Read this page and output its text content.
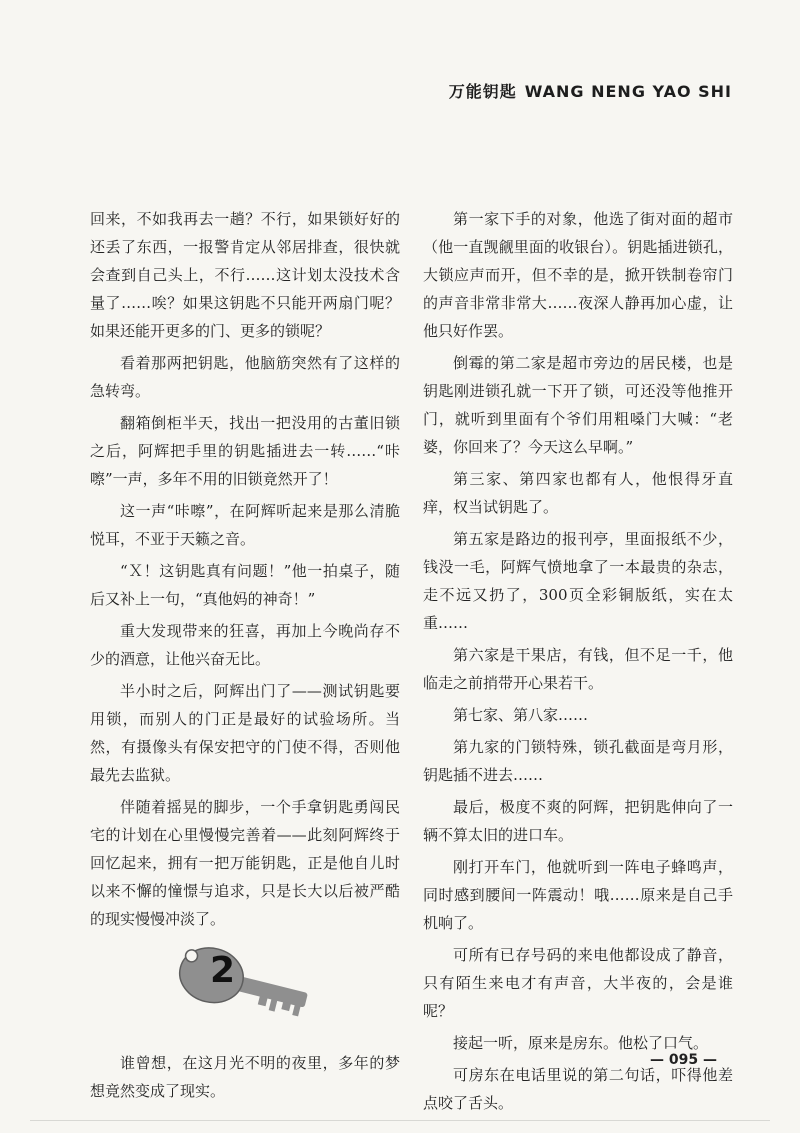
万能钥匙 WANG NENG YAO SHI

回来，不如我再去一趟？不行，如果锁好好的还丢了东西，一报警肯定从邻居排查，很快就会查到自己头上，不行……这计划太没技术含量了……唉？如果这钥匙不只能开两扇门呢？如果还能开更多的门、更多的锁呢？

看着那两把钥匙，他脑筋突然有了这样的急转弯。

翻箱倒柜半天，找出一把没用的古董旧锁之后，阿辉把手里的钥匙插进去一转……“咔嚓”一声，多年不用的旧锁竟然开了！

这一声“咔嚓”，在阿辉听起来是那么清脆悦耳，不亚于天籁之音。

“Ｘ！这钥匙真有问题！”他一拍桌子，随后又补上一句，“真他妈的神奇！”

重大发现带来的狂喜，再加上今晚尚存不少的酒意，让他兴奋无比。

半小时之后，阿辉出门了——测试钥匙要用锁，而别人的门正是最好的试验场所。当然，有摄像头有保安把守的门使不得，否则他最先去监狱。

伴随着摇晃的脚步，一个手拿钥匙勇闯民宅的计划在心里慢慢完善着——此刻阿辉终于回忆起来，拥有一把万能钥匙，正是他自儿时以来不懈的憧憬与追求，只是长大以后被严酷的现实慢慢冲淡了。

2

谁曾想，在这月光不明的夜里，多年的梦想竟然变成了现实。

第一家下手的对象，他选了街对面的超市（他一直觊觎里面的收银台）。钥匙插进锁孔，大锁应声而开，但不幸的是，掀开铁制卷帘门的声音非常非常大……夜深人静再加心虚，让他只好作罢。

倒霉的第二家是超市旁边的居民楼，也是钥匙刚进锁孔就一下开了锁，可还没等他推开门，就听到里面有个爷们用粗嗓门大喊：“老婆，你回来了？今天这么早啊。”

第三家、第四家也都有人，他恨得牙直痒，权当试钥匙了。

第五家是路边的报刊亭，里面报纸不少，钱没一毛，阿辉气愤地拿了一本最贵的杂志，走不远又扔了，300页全彩铜版纸，实在太重……

第六家是干果店，有钱，但不足一千，他临走之前捎带开心果若干。

第七家、第八家……

第九家的门锁特殊，锁孔截面是弯月形，钥匙插不进去……

最后，极度不爽的阿辉，把钥匙伸向了一辆不算太旧的进口车。

刚打开车门，他就听到一阵电子蜂鸣声，同时感到腰间一阵震动！哦……原来是自己手机响了。

可所有已存号码的来电他都设成了静音，只有陌生来电才有声音，大半夜的，会是谁呢？

接起一听，原来是房东。他松了口气。

可房东在电话里说的第二句话，吓得他差点咬了舌头。

— 095 —
